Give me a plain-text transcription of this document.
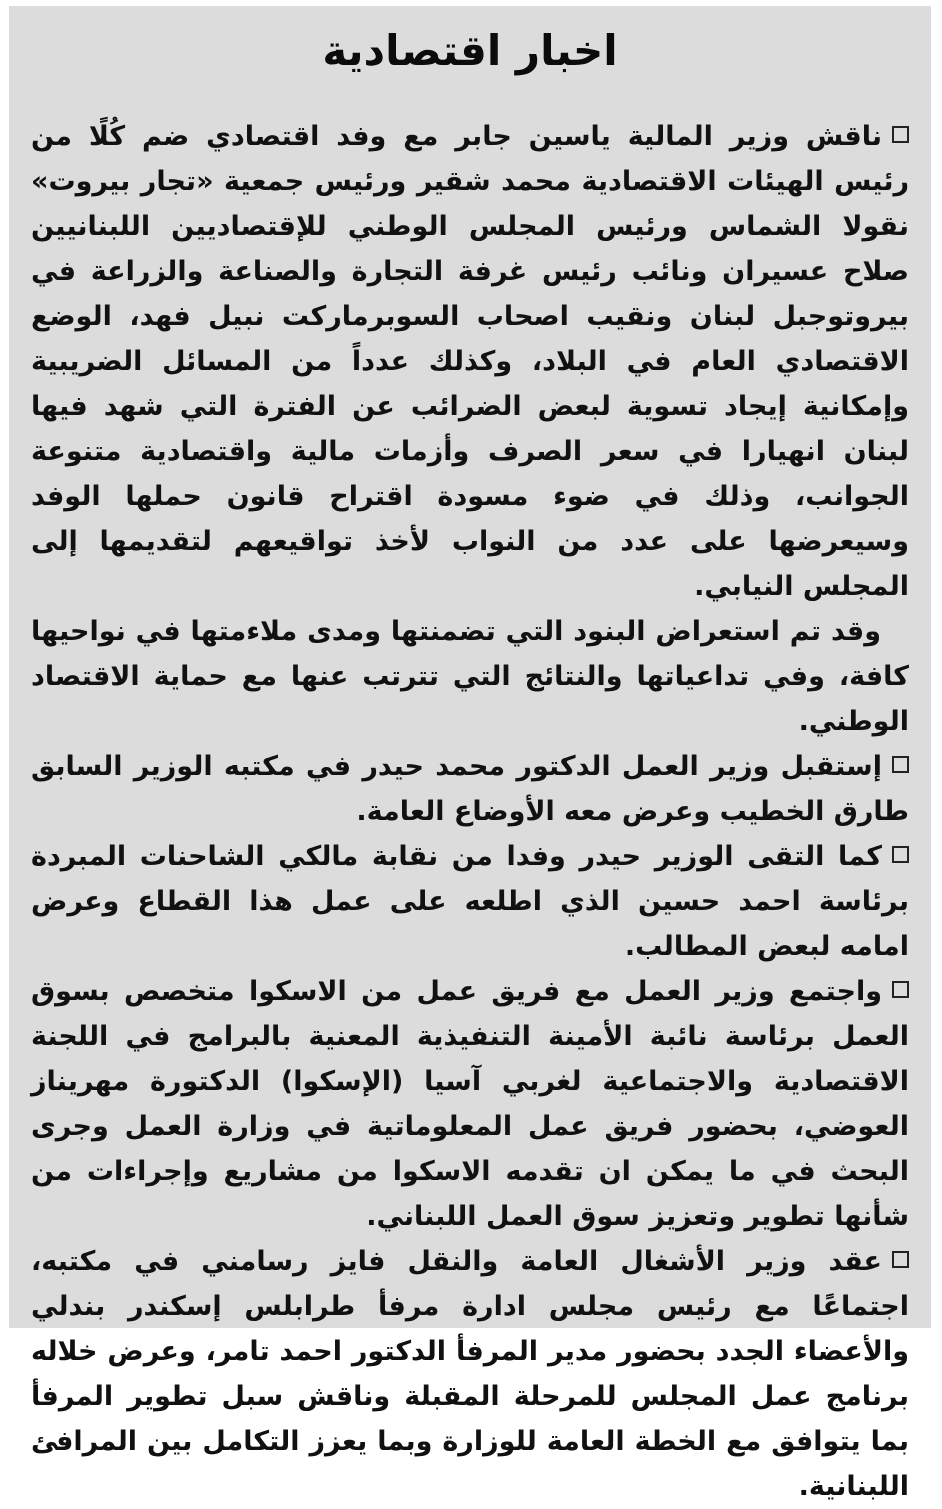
اخبار اقتصادية

ناقش وزير المالية ياسين جابر مع وفد اقتصادي ضم كُلًا من رئيس الهيئات الاقتصادية محمد شقير ورئيس جمعية «تجار بيروت» نقولا الشماس ورئيس المجلس الوطني للإقتصاديين اللبنانيين صلاح عسيران ونائب رئيس غرفة التجارة والصناعة والزراعة في بيروتوجبل لبنان ونقيب اصحاب السوبرماركت نبيل فهد، الوضع الاقتصادي العام في البلاد، وكذلك عدداً من المسائل الضريبية وإمكانية إيجاد تسوية لبعض الضرائب عن الفترة التي شهد فيها لبنان انهيارا في سعر الصرف وأزمات مالية واقتصادية متنوعة الجوانب، وذلك في ضوء مسودة اقتراح قانون حملها الوفد وسيعرضها على عدد من النواب لأخذ تواقيعهم لتقديمها إلى المجلس النيابي.

وقد تم استعراض البنود التي تضمنتها ومدى ملاءمتها في نواحيها كافة، وفي تداعياتها والنتائج التي تترتب عنها مع حماية الاقتصاد الوطني.

إستقبل وزير العمل الدكتور محمد حيدر في مكتبه الوزير السابق طارق الخطيب وعرض معه الأوضاع العامة.

كما التقى الوزير حيدر وفدا من نقابة مالكي الشاحنات المبردة برئاسة احمد حسين الذي اطلعه على عمل هذا القطاع وعرض امامه لبعض المطالب.

واجتمع وزير العمل مع فريق عمل من الاسكوا متخصص بسوق العمل برئاسة نائبة الأمينة التنفيذية المعنية بالبرامج في اللجنة الاقتصادية والاجتماعية لغربي آسيا (الإسكوا) الدكتورة مهريناز العوضي، بحضور فريق عمل المعلوماتية في وزارة العمل وجرى البحث في ما يمكن ان تقدمه الاسكوا من مشاريع وإجراءات من شأنها تطوير وتعزيز سوق العمل اللبناني.

عقد وزير الأشغال العامة والنقل فايز رسامني في مكتبه، اجتماعًا مع رئيس مجلس ادارة مرفأ طرابلس إسكندر بندلي والأعضاء الجدد بحضور مدير المرفأ الدكتور احمد تامر، وعرض خلاله برنامج عمل المجلس للمرحلة المقبلة وناقش سبل تطوير المرفأ بما يتوافق مع الخطة العامة للوزارة وبما يعزز التكامل بين المرافئ اللبنانية.
